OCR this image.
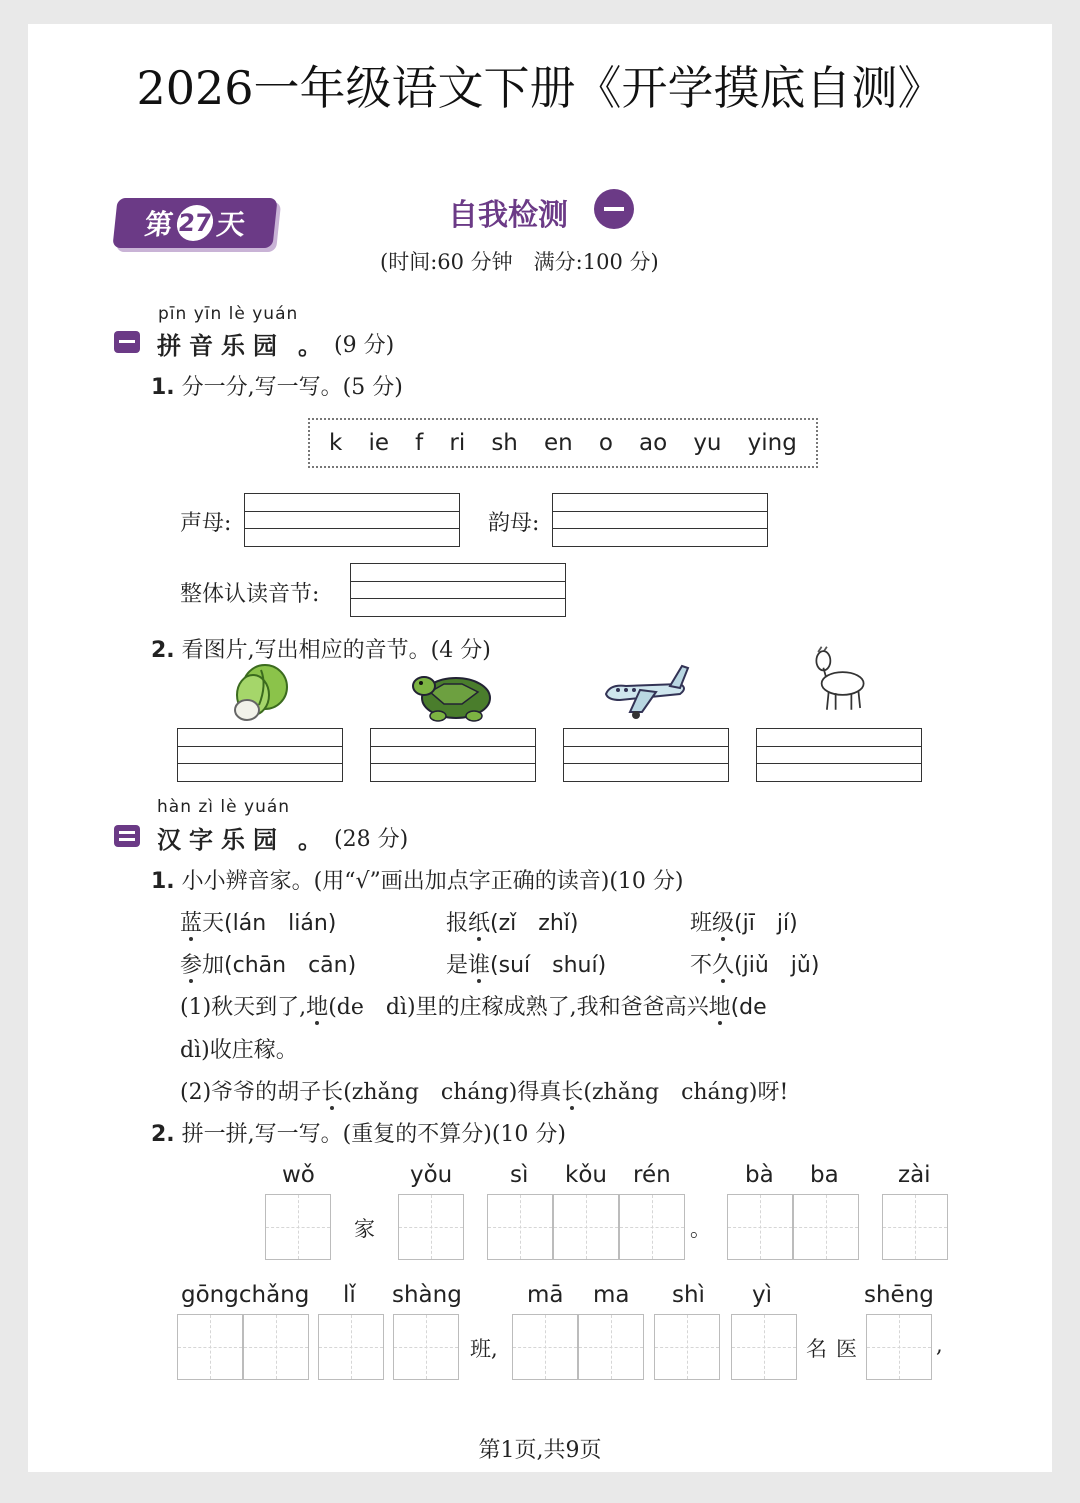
2026一年级语文下册《开学摸底自测》
第 27 天	自我检测
(时间:60 分钟　满分:100 分)
pīn yīn lè yuán
拼音乐园 。 (9 分)
1. 分一分,写一写。(5 分)
k ie f ri sh en o ao yu ying
声母:	韵母:
整体认读音节:
2. 看图片,写出相应的音节。(4 分)
hàn zì lè yuán
汉字乐园 。 (28 分)
1. 小小辨音家。(用“√”画出加点字正确的读音)(10 分)
蓝天(lán　lián)	报纸(zǐ　zhǐ)	班级(jī　jí)
参加(chān　cān)	是谁(suí　shuí)	不久(jiǔ　jǔ)
(1)秋天到了,地(de　dì)里的庄稼成熟了,我和爸爸高兴地(de
dì)收庄稼。
(2)爷爷的胡子长(zhǎng　cháng)得真长(zhǎng　cháng)呀!
2. 拼一拼,写一写。(重复的不算分)(10 分)
wǒ	yǒu	sì kǒu rén	bà ba	zài
家	。
gōngchǎng lǐ shàng	mā ma shì yì	shēng
班,	名 医	,
第1页,共9页
